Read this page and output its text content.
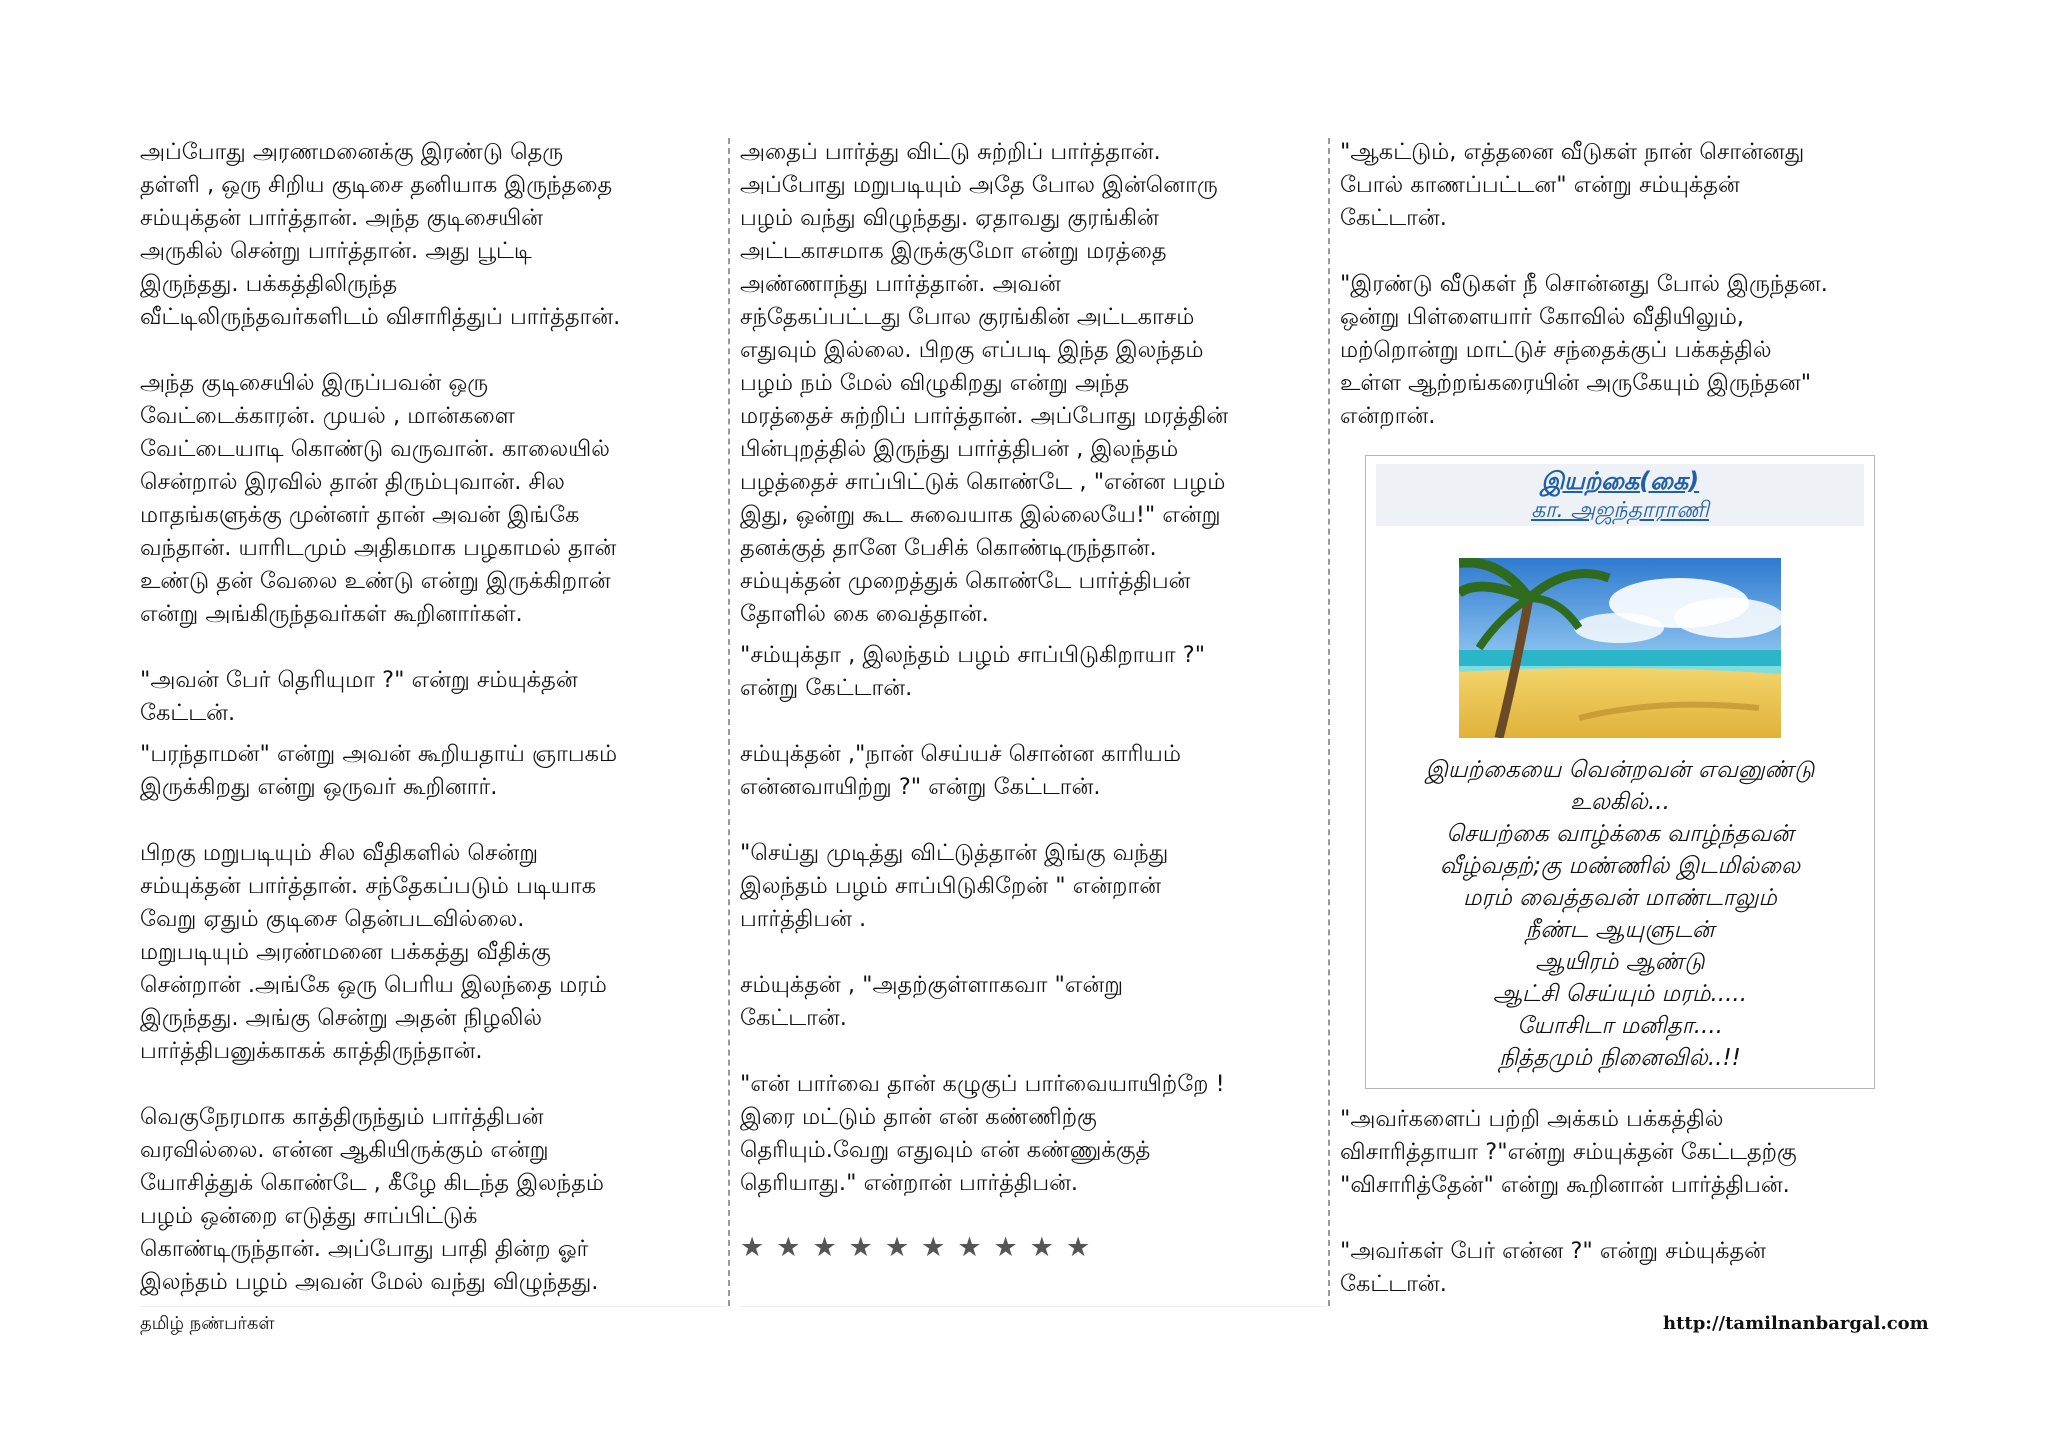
அப்போது அரணமனைக்கு இரண்டு தெரு
தள்ளி , ஒரு சிறிய குடிசை தனியாக இருந்ததை
சம்யுக்தன் பார்த்தான். அந்த குடிசையின்
அருகில் சென்று பார்த்தான். அது பூட்டி
இருந்தது. பக்கத்திலிருந்த
வீட்டிலிருந்தவர்களிடம் விசாரித்துப் பார்த்தான்.

அந்த குடிசையில் இருப்பவன் ஒரு
வேட்டைக்காரன். முயல் , மான்களை
வேட்டையாடி கொண்டு வருவான். காலையில்
சென்றால் இரவில் தான் திரும்புவான். சில
மாதங்களுக்கு முன்னர் தான் அவன் இங்கே
வந்தான். யாரிடமும் அதிகமாக பழகாமல் தான்
உண்டு தன் வேலை உண்டு என்று இருக்கிறான்
என்று அங்கிருந்தவர்கள் கூறினார்கள்.

"அவன் பேர் தெரியுமா ?" என்று சம்யுக்தன்
கேட்டன்.

"பரந்தாமன்" என்று அவன் கூறியதாய் ஞாபகம்
இருக்கிறது என்று ஒருவர் கூறினார்.

பிறகு மறுபடியும் சில வீதிகளில் சென்று
சம்யுக்தன் பார்த்தான். சந்தேகப்படும் படியாக
வேறு ஏதும் குடிசை தென்படவில்லை.
மறுபடியும் அரண்மனை பக்கத்து வீதிக்கு
சென்றான் .அங்கே ஒரு பெரிய இலந்தை மரம்
இருந்தது. அங்கு சென்று அதன் நிழலில்
பார்த்திபனுக்காகக் காத்திருந்தான்.

வெகுநேரமாக காத்திருந்தும் பார்த்திபன்
வரவில்லை. என்ன ஆகியிருக்கும் என்று
யோசித்துக் கொண்டே , கீழே கிடந்த இலந்தம்
பழம் ஒன்றை எடுத்து சாப்பிட்டுக்
கொண்டிருந்தான். அப்போது பாதி தின்ற ஓர்
இலந்தம் பழம் அவன் மேல் வந்து விழுந்தது.

அதைப் பார்த்து விட்டு சுற்றிப் பார்த்தான்.
அப்போது மறுபடியும் அதே போல இன்னொரு
பழம் வந்து விழுந்தது. ஏதாவது குரங்கின்
அட்டகாசமாக இருக்குமோ என்று மரத்தை
அண்ணாந்து பார்த்தான். அவன்
சந்தேகப்பட்டது போல குரங்கின் அட்டகாசம்
எதுவும் இல்லை. பிறகு எப்படி இந்த இலந்தம்
பழம் நம் மேல் விழுகிறது என்று அந்த
மரத்தைச் சுற்றிப் பார்த்தான். அப்போது மரத்தின்
பின்புறத்தில் இருந்து பார்த்திபன் , இலந்தம்
பழத்தைச் சாப்பிட்டுக் கொண்டே , "என்ன பழம்
இது, ஒன்று கூட சுவையாக இல்லையே!" என்று
தனக்குத் தானே பேசிக் கொண்டிருந்தான்.
சம்யுக்தன் முறைத்துக் கொண்டே பார்த்திபன்
தோளில் கை வைத்தான்.

"சம்யுக்தா , இலந்தம் பழம் சாப்பிடுகிறாயா ?"
என்று கேட்டான்.

சம்யுக்தன் ,"நான் செய்யச் சொன்ன காரியம்
என்னவாயிற்று ?" என்று கேட்டான்.

"செய்து முடித்து விட்டுத்தான் இங்கு வந்து
இலந்தம் பழம் சாப்பிடுகிறேன் " என்றான்
பார்த்திபன் .

சம்யுக்தன் , "அதற்குள்ளாகவா "என்று
கேட்டான்.

"என் பார்வை தான் கழுகுப் பார்வையாயிற்றே !
இரை மட்டும் தான் என் கண்ணிற்கு
தெரியும்.வேறு எதுவும் என் கண்ணுக்குத்
தெரியாது." என்றான் பார்த்திபன்.

★ ★ ★ ★ ★ ★ ★ ★ ★ ★

"ஆகட்டும், எத்தனை வீடுகள் நான் சொன்னது
போல் காணப்பட்டன" என்று சம்யுக்தன்
கேட்டான்.

"இரண்டு வீடுகள் நீ சொன்னது போல் இருந்தன.
ஒன்று பிள்ளையார் கோவில் வீதியிலும்,
மற்றொன்று மாட்டுச் சந்தைக்குப் பக்கத்தில்
உள்ள ஆற்றங்கரையின் அருகேயும் இருந்தன"
என்றான்.

இயற்கை(கை)
கா. அஜந்தாராணி
இயற்கையை வென்றவன் எவனுண்டு
உலகில்...
செயற்கை வாழ்க்கை வாழ்ந்தவன்
வீழ்வதற்;கு மண்ணில் இடமில்லை
மரம் வைத்தவன் மாண்டாலும்
நீண்ட ஆயுளுடன்
ஆயிரம் ஆண்டு
ஆட்சி செய்யும் மரம்.....
யோசிடா மனிதா....
நித்தமும் நினைவில்..!!

"அவர்களைப் பற்றி அக்கம் பக்கத்தில்
விசாரித்தாயா ?"என்று சம்யுக்தன் கேட்டதற்கு
"விசாரித்தேன்" என்று கூறினான் பார்த்திபன்.

"அவர்கள் பேர் என்ன ?" என்று சம்யுக்தன்
கேட்டான்.

தமிழ் நண்பர்கள்	http://tamilnanbargal.com
